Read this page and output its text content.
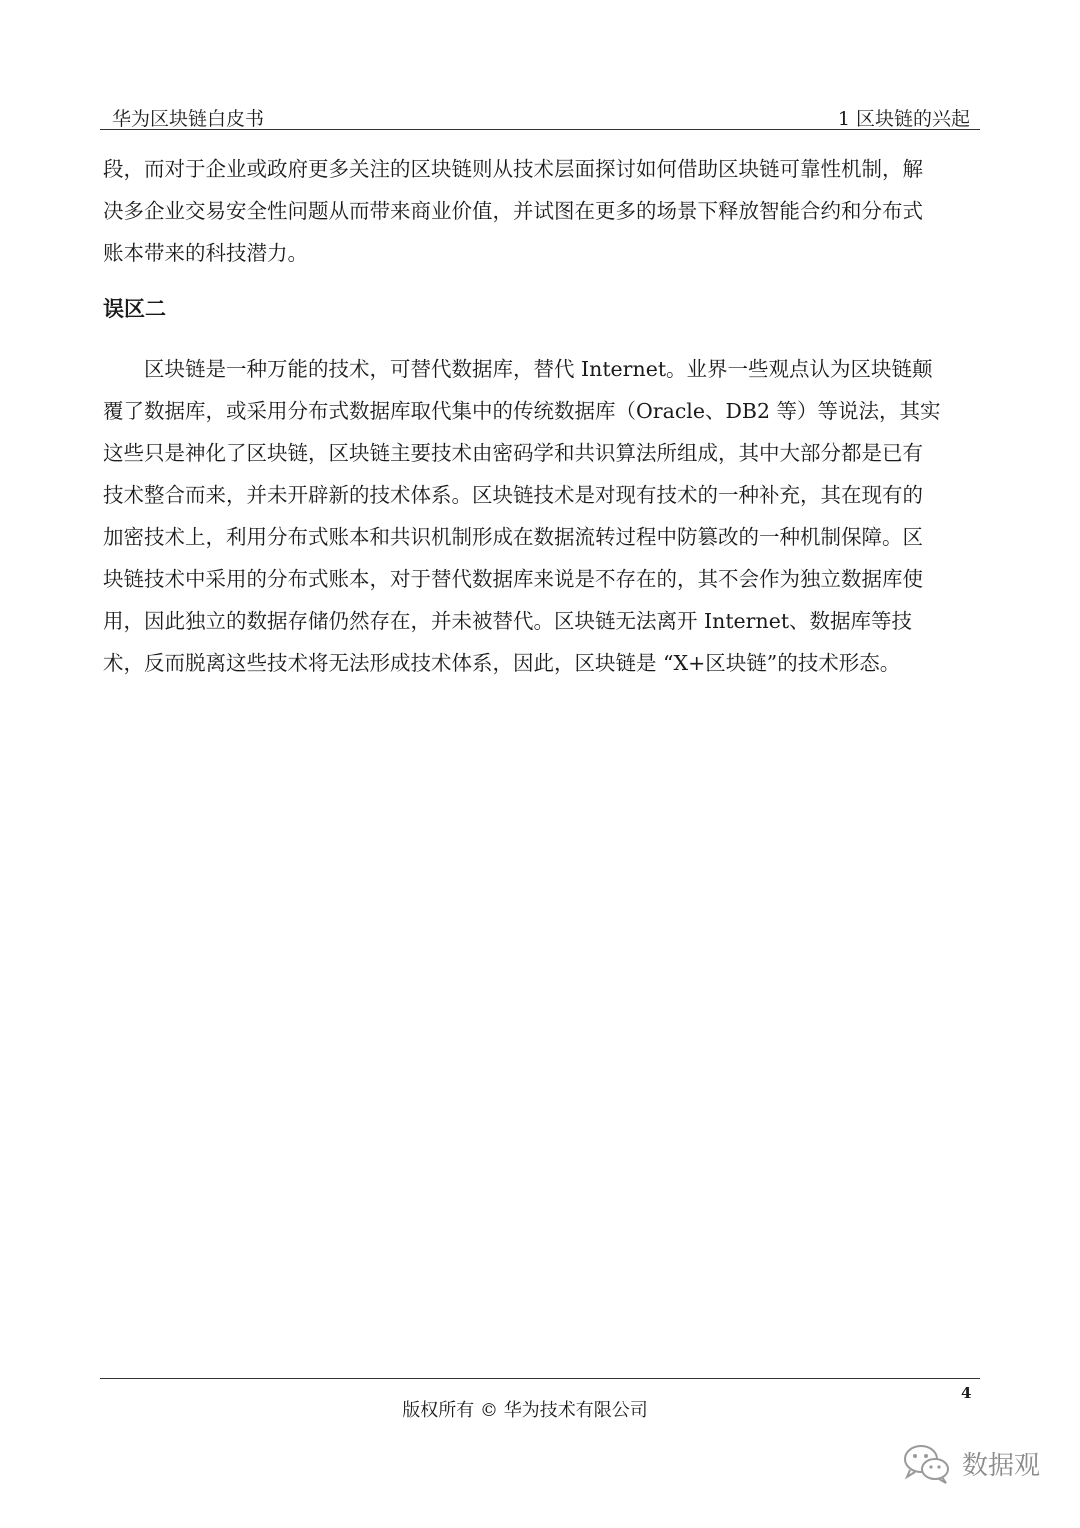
华为区块链白皮书	1 区块链的兴起

段，而对于企业或政府更多关注的区块链则从技术层面探讨如何借助区块链可靠性机制，解
决多企业交易安全性问题从而带来商业价值，并试图在更多的场景下释放智能合约和分布式
账本带来的科技潜力。

误区二

　　区块链是一种万能的技术，可替代数据库，替代 Internet。业界一些观点认为区块链颠
覆了数据库，或采用分布式数据库取代集中的传统数据库（Oracle、DB2 等）等说法，其实
这些只是神化了区块链，区块链主要技术由密码学和共识算法所组成，其中大部分都是已有
技术整合而来，并未开辟新的技术体系。区块链技术是对现有技术的一种补充，其在现有的
加密技术上，利用分布式账本和共识机制形成在数据流转过程中防篡改的一种机制保障。区
块链技术中采用的分布式账本，对于替代数据库来说是不存在的，其不会作为独立数据库使
用，因此独立的数据存储仍然存在，并未被替代。区块链无法离开 Internet、数据库等技
术，反而脱离这些技术将无法形成技术体系，因此，区块链是 “X+区块链”的技术形态。

4
版权所有 © 华为技术有限公司
数据观
